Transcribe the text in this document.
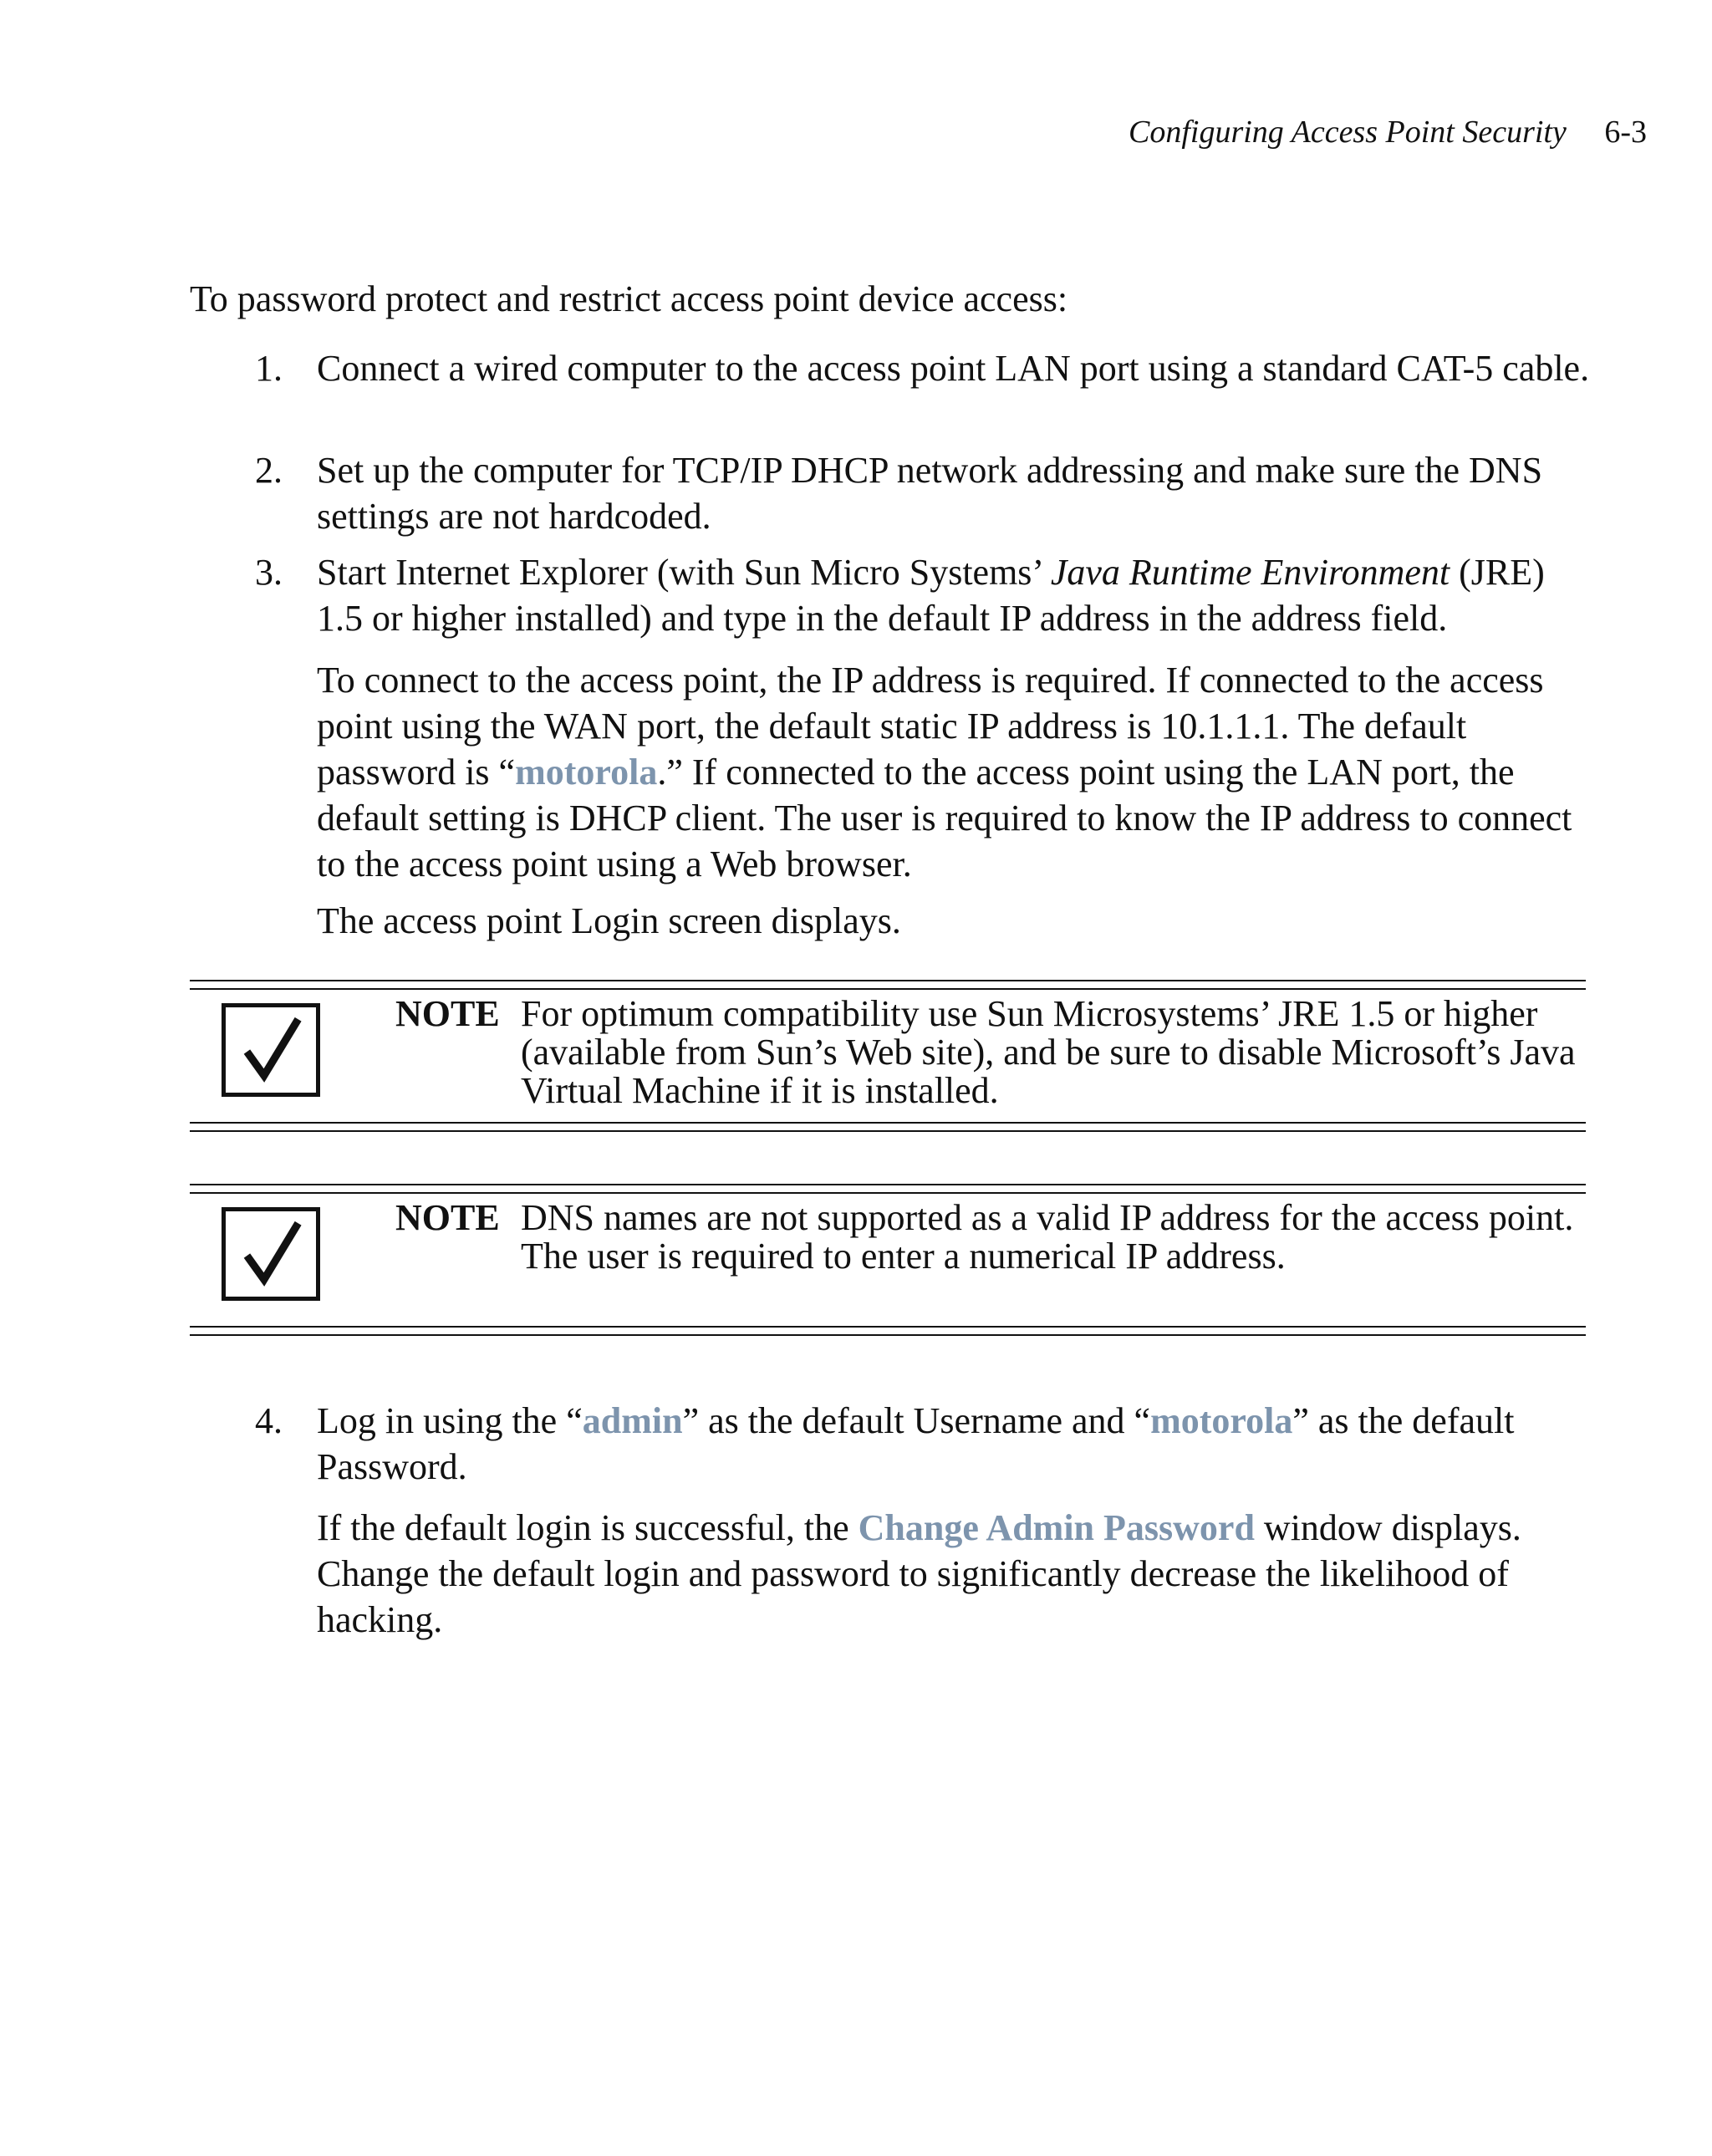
Configuring Access Point Security 6-3
To password protect and restrict access point device access:
1. Connect a wired computer to the access point LAN port using a standard CAT-5 cable.
2. Set up the computer for TCP/IP DHCP network addressing and make sure the DNS settings are not hardcoded.
3. Start Internet Explorer (with Sun Micro Systems’ Java Runtime Environment (JRE) 1.5 or higher installed) and type in the default IP address in the address field.
To connect to the access point, the IP address is required. If connected to the access point using the WAN port, the default static IP address is 10.1.1.1. The default password is “motorola.” If connected to the access point using the LAN port, the default setting is DHCP client. The user is required to know the IP address to connect to the access point using a Web browser.
The access point Login screen displays.
NOTE For optimum compatibility use Sun Microsystems’ JRE 1.5 or higher (available from Sun’s Web site), and be sure to disable Microsoft’s Java Virtual Machine if it is installed.
NOTE DNS names are not supported as a valid IP address for the access point. The user is required to enter a numerical IP address.
4. Log in using the “admin” as the default Username and “motorola” as the default Password.
If the default login is successful, the Change Admin Password window displays. Change the default login and password to significantly decrease the likelihood of hacking.
